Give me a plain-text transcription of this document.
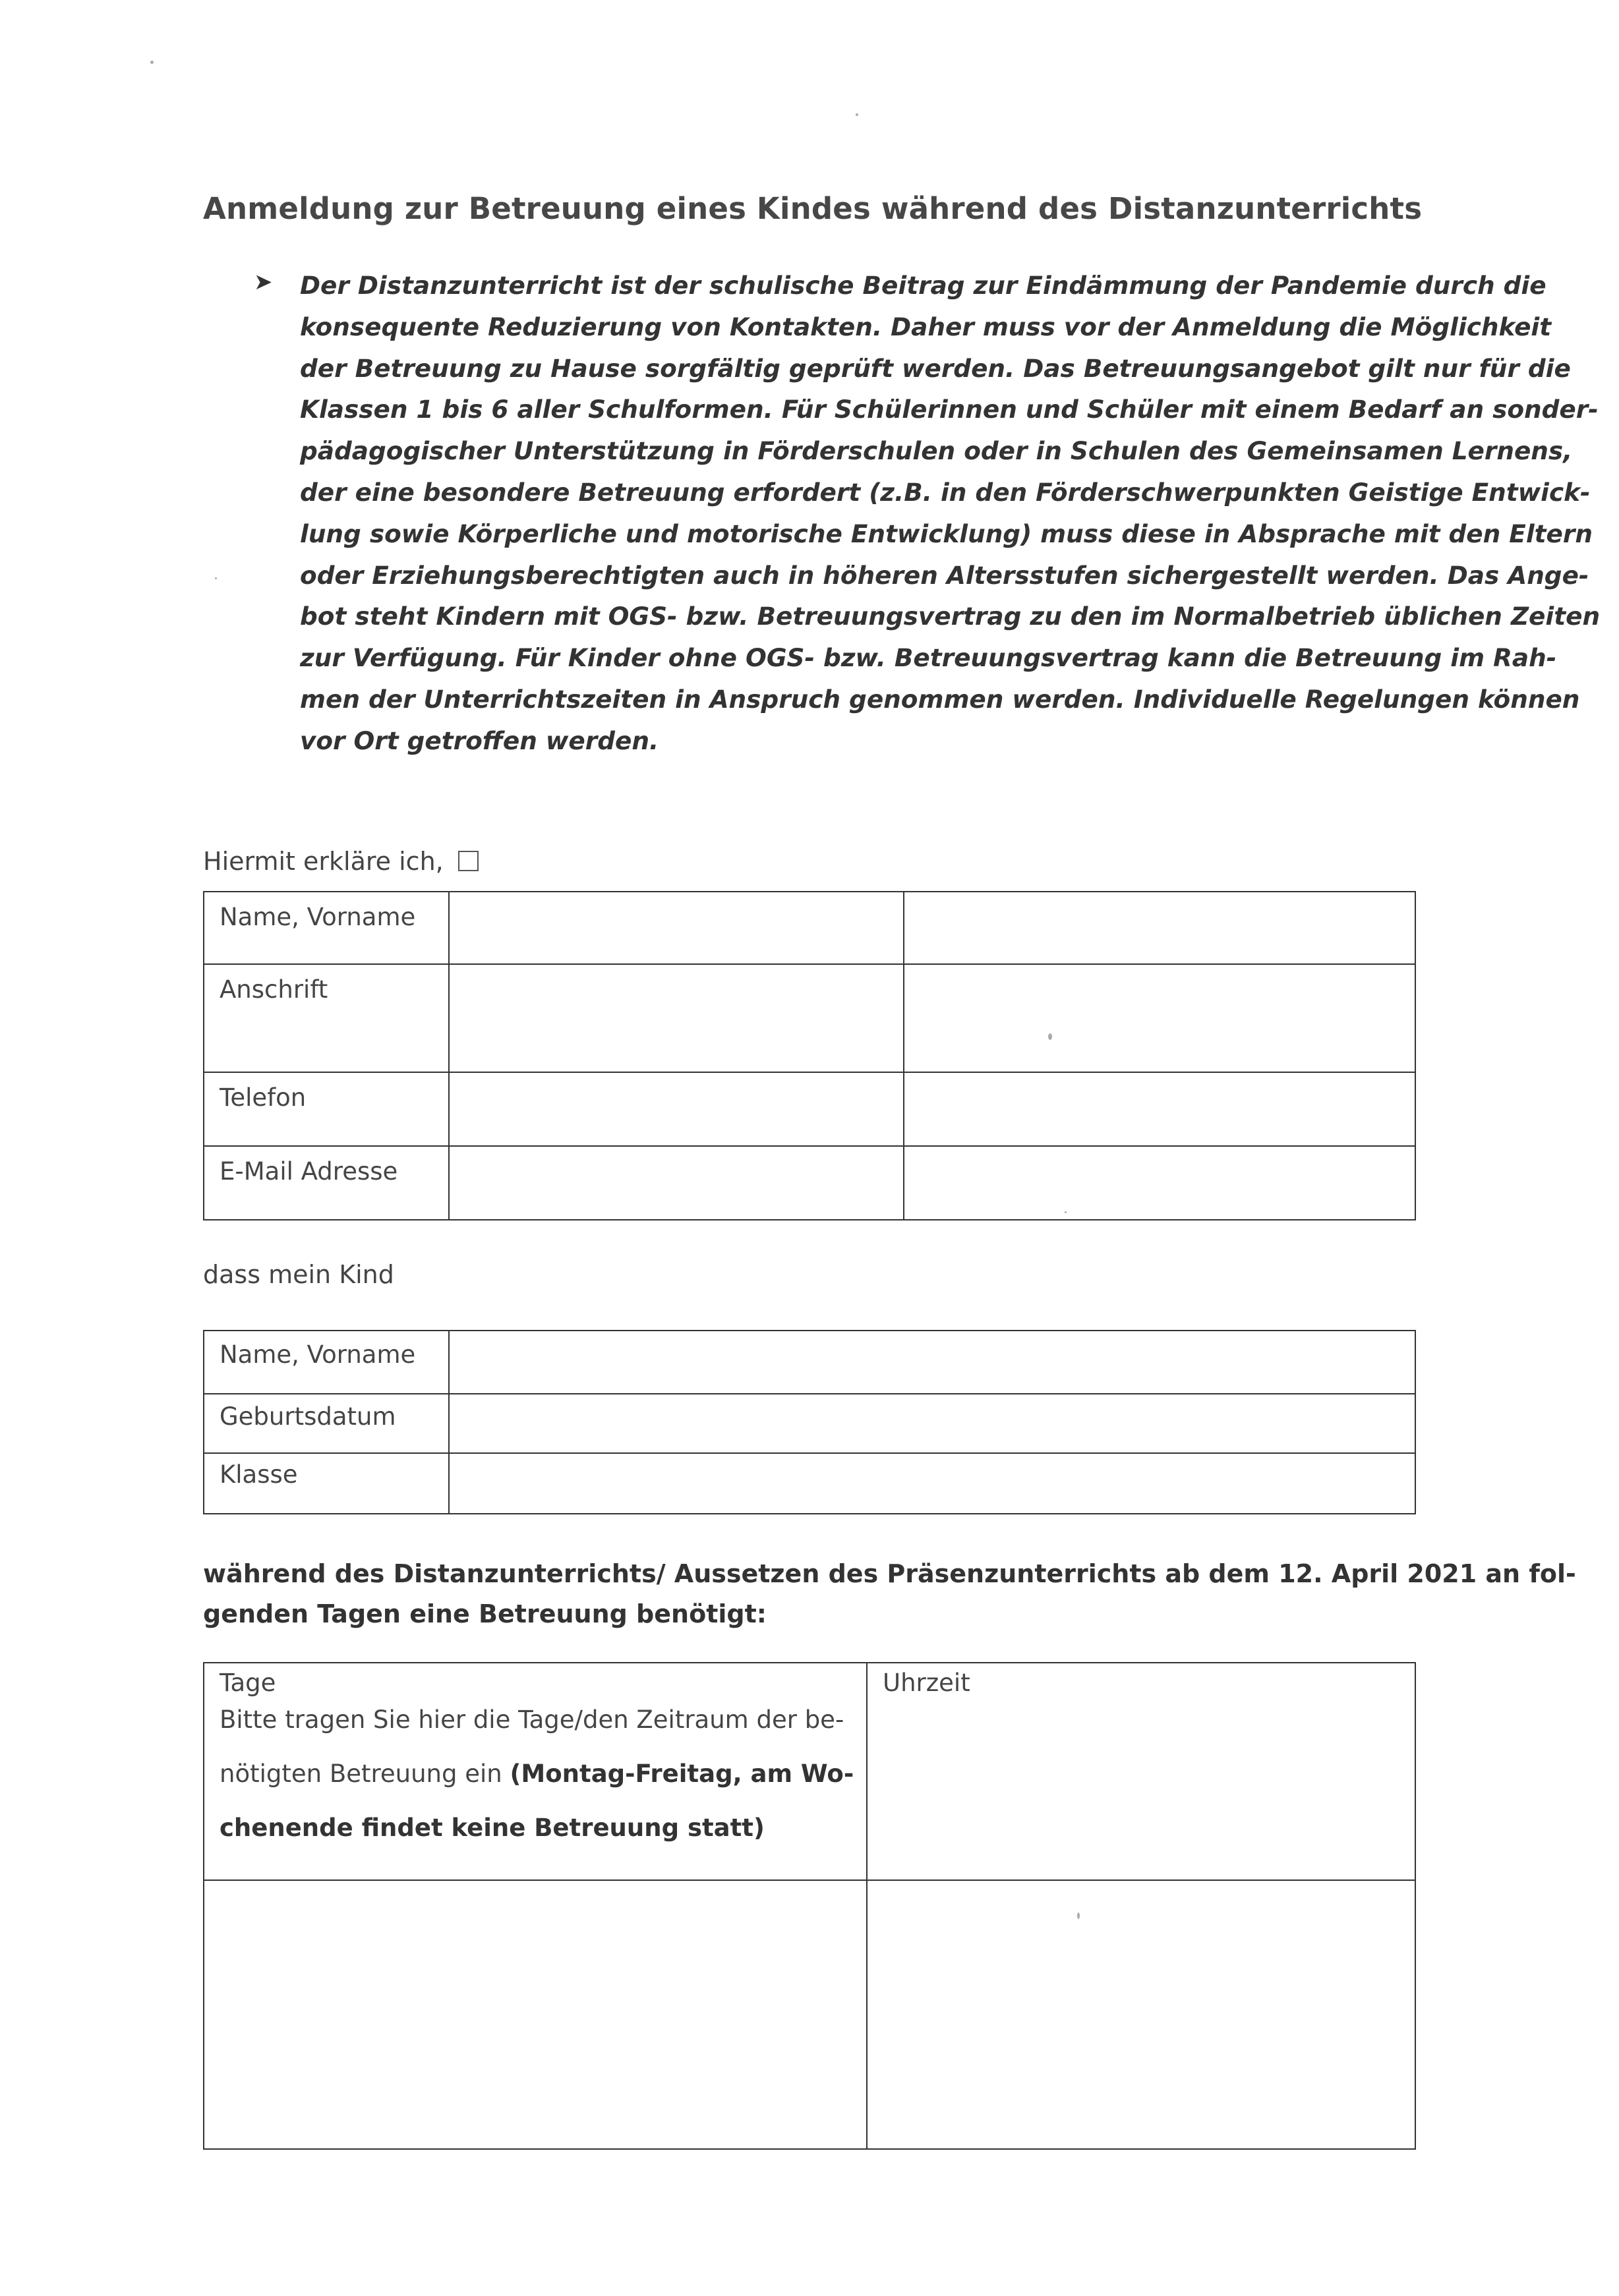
Anmeldung zur Betreuung eines Kindes während des Distanzunterrichts
➤ Der Distanzunterricht ist der schulische Beitrag zur Eindämmung der Pandemie durch die
konsequente Reduzierung von Kontakten. Daher muss vor der Anmeldung die Möglichkeit
der Betreuung zu Hause sorgfältig geprüft werden. Das Betreuungsangebot gilt nur für die
Klassen 1 bis 6 aller Schulformen. Für Schülerinnen und Schüler mit einem Bedarf an sonder-
pädagogischer Unterstützung in Förderschulen oder in Schulen des Gemeinsamen Lernens,
der eine besondere Betreuung erfordert (z.B. in den Förderschwerpunkten Geistige Entwick-
lung sowie Körperliche und motorische Entwicklung) muss diese in Absprache mit den Eltern
oder Erziehungsberechtigten auch in höheren Altersstufen sichergestellt werden. Das Ange-
bot steht Kindern mit OGS- bzw. Betreuungsvertrag zu den im Normalbetrieb üblichen Zeiten
zur Verfügung. Für Kinder ohne OGS- bzw. Betreuungsvertrag kann die Betreuung im Rah-
men der Unterrichtszeiten in Anspruch genommen werden. Individuelle Regelungen können
vor Ort getroffen werden.
Hiermit erkläre ich,
Name, Vorname
Anschrift
Telefon
E-Mail Adresse
dass mein Kind
Name, Vorname
Geburtsdatum
Klasse
während des Distanzunterrichts/ Aussetzen des Präsenzunterrichts ab dem 12. April 2021 an fol-
genden Tagen eine Betreuung benötigt:
Tage
Bitte tragen Sie hier die Tage/den Zeitraum der be-
nötigten Betreuung ein (Montag-Freitag, am Wo-
chenende findet keine Betreuung statt)
Uhrzeit
